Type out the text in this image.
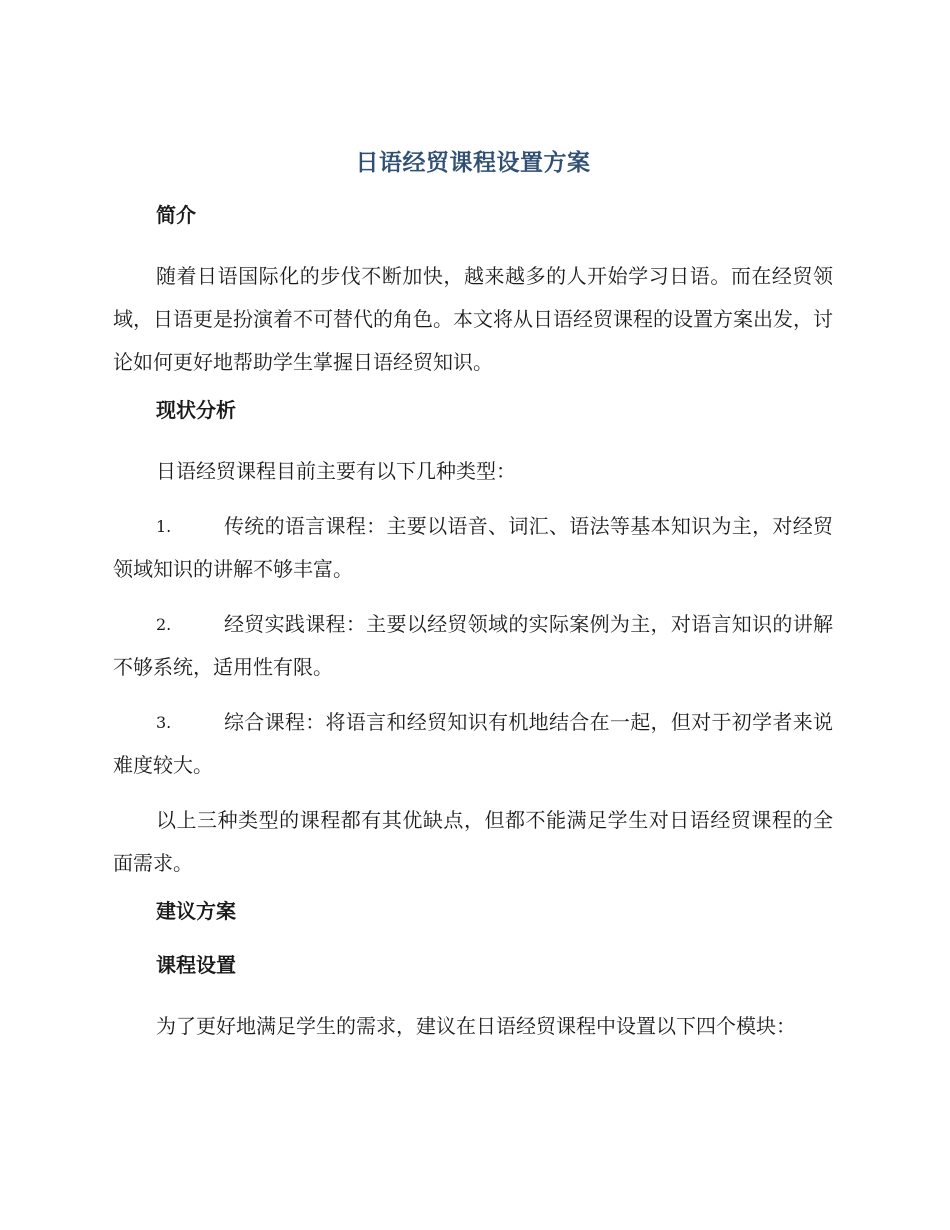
日语经贸课程设置方案
简介

随着日语国际化的步伐不断加快，越来越多的人开始学习日语。而在经贸领域，日语更是扮演着不可替代的角色。本文将从日语经贸课程的设置方案出发，讨论如何更好地帮助学生掌握日语经贸知识。

现状分析

日语经贸课程目前主要有以下几种类型：

1.	传统的语言课程：主要以语音、词汇、语法等基本知识为主，对经贸领域知识的讲解不够丰富。
2.	经贸实践课程：主要以经贸领域的实际案例为主，对语言知识的讲解不够系统，适用性有限。
3.	综合课程：将语言和经贸知识有机地结合在一起，但对于初学者来说难度较大。

以上三种类型的课程都有其优缺点，但都不能满足学生对日语经贸课程的全面需求。

建议方案
课程设置

为了更好地满足学生的需求，建议在日语经贸课程中设置以下四个模块：
